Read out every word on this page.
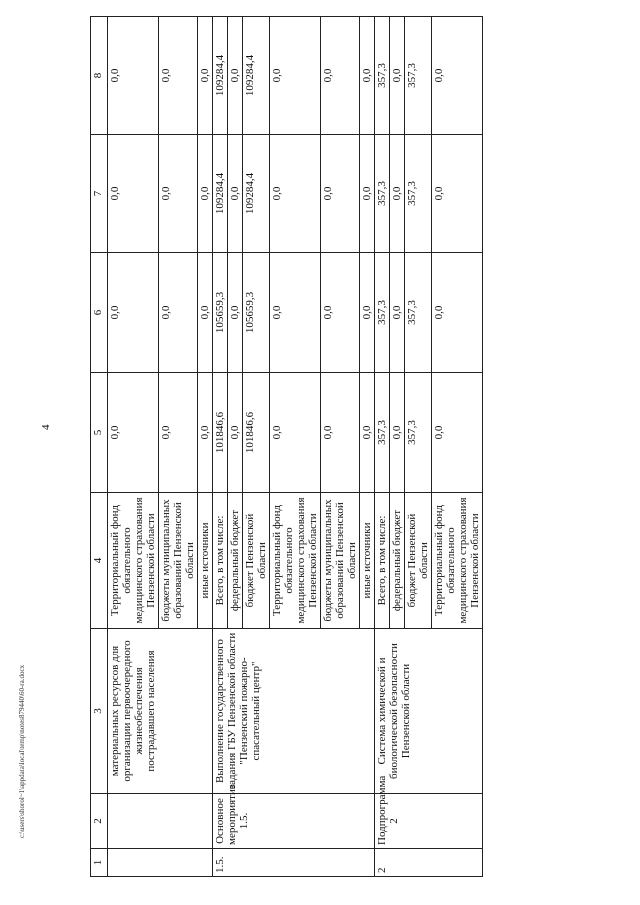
4
c:\users\shorol~1\appdata\local\temp\notes879440\60-ra.docx
1	2	3	4	5	6	7	8
		материальных ресурсов для организации первоочередного жизнеобеспечения пострадавшего населения	Территориальный фонд обязательного медицинского страхования Пензенской области	0,0	0,0	0,0	0,0
			бюджеты муниципальных образований Пензенской области	0,0	0,0	0,0	0,0
			иные источники	0,0	0,0	0,0	0,0
1.5.	Основное мероприятие 1.5.	Выполнение государственного задания ГБУ Пензенской области "Пензенский пожарно-спасательный центр"	Всего, в том числе:	101846,6	105659,3	109284,4	109284,4
			федеральный бюджет	0,0	0,0	0,0	0,0
			бюджет Пензенской области	101846,6	105659,3	109284,4	109284,4
			Территориальный фонд обязательного медицинского страхования Пензенской области	0,0	0,0	0,0	0,0
			бюджеты муниципальных образований Пензенской области	0,0	0,0	0,0	0,0
			иные источники	0,0	0,0	0,0	0,0
2	Подпрограмма 2	Система химической и биологической безопасности Пензенской области	Всего, в том числе:	357,3	357,3	357,3	357,3
			федеральный бюджет	0,0	0,0	0,0	0,0
			бюджет Пензенской области	357,3	357,3	357,3	357,3
			Территориальный фонд обязательного медицинского страхования Пензенской области	0,0	0,0	0,0	0,0
